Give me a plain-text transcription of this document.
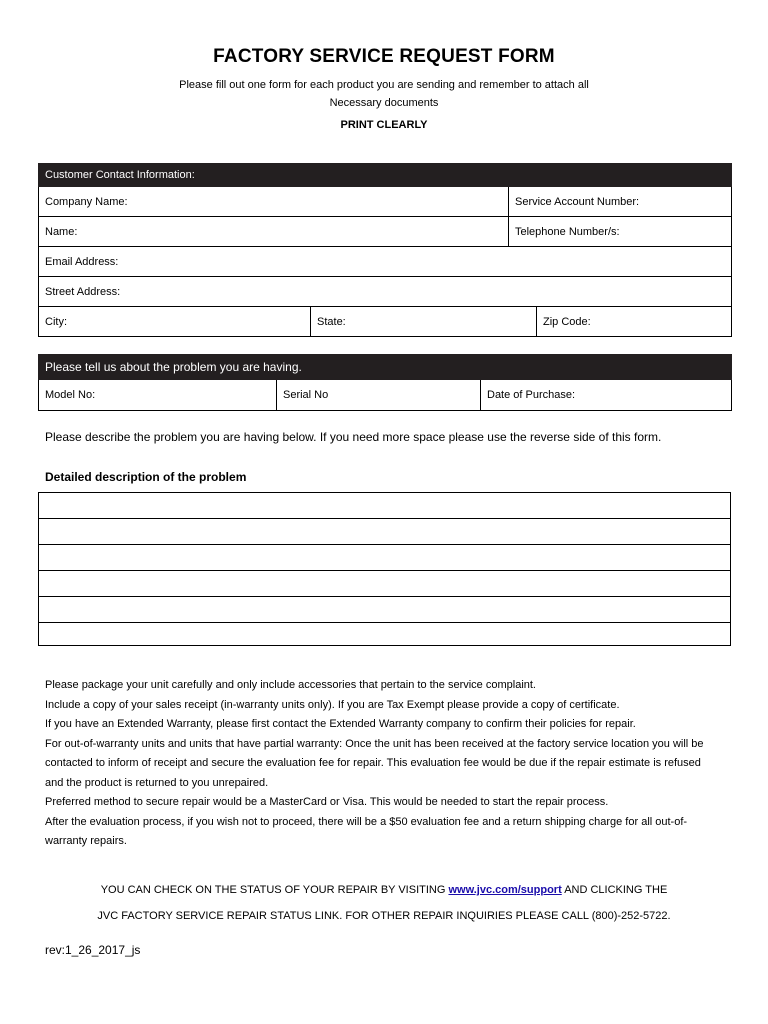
FACTORY SERVICE REQUEST FORM
Please fill out one form for each product you are sending and remember to attach all
Necessary documents
PRINT CLEARLY
Customer Contact Information:			
Company Name:		Service Account Number:	
Name:		Telephone Number/s:	
Email Address:			
Street Address:			
City:	State:		Zip Code:
Please tell us about the problem you are having.
Model No:	Serial No	Date of Purchase:
Please describe the problem you are having below. If you need more space please use the reverse side of this form.
Detailed description of the problem

Please package your unit carefully and only include accessories that pertain to the service complaint.

Include a copy of your sales receipt (in-warranty units only). If you are Tax Exempt please provide a copy of certificate.

If you have an Extended Warranty, please first contact the Extended Warranty company to confirm their policies for repair.

For out-of-warranty units and units that have partial warranty: Once the unit has been received at the factory service location you will be contacted to inform of receipt and secure the evaluation fee for repair. This evaluation fee would be due if the repair estimate is refused and the product is returned to you unrepaired.

Preferred method to secure repair would be a MasterCard or Visa. This would be needed to start the repair process.

After the evaluation process, if you wish not to proceed, there will be a $50 evaluation fee and a return shipping charge for all out-of-warranty repairs.

YOU CAN CHECK ON THE STATUS OF YOUR REPAIR BY VISITING www.jvc.com/support AND CLICKING THE
JVC FACTORY SERVICE REPAIR STATUS LINK. FOR OTHER REPAIR INQUIRIES PLEASE CALL (800)-252-5722.
rev:1_26_2017_js
